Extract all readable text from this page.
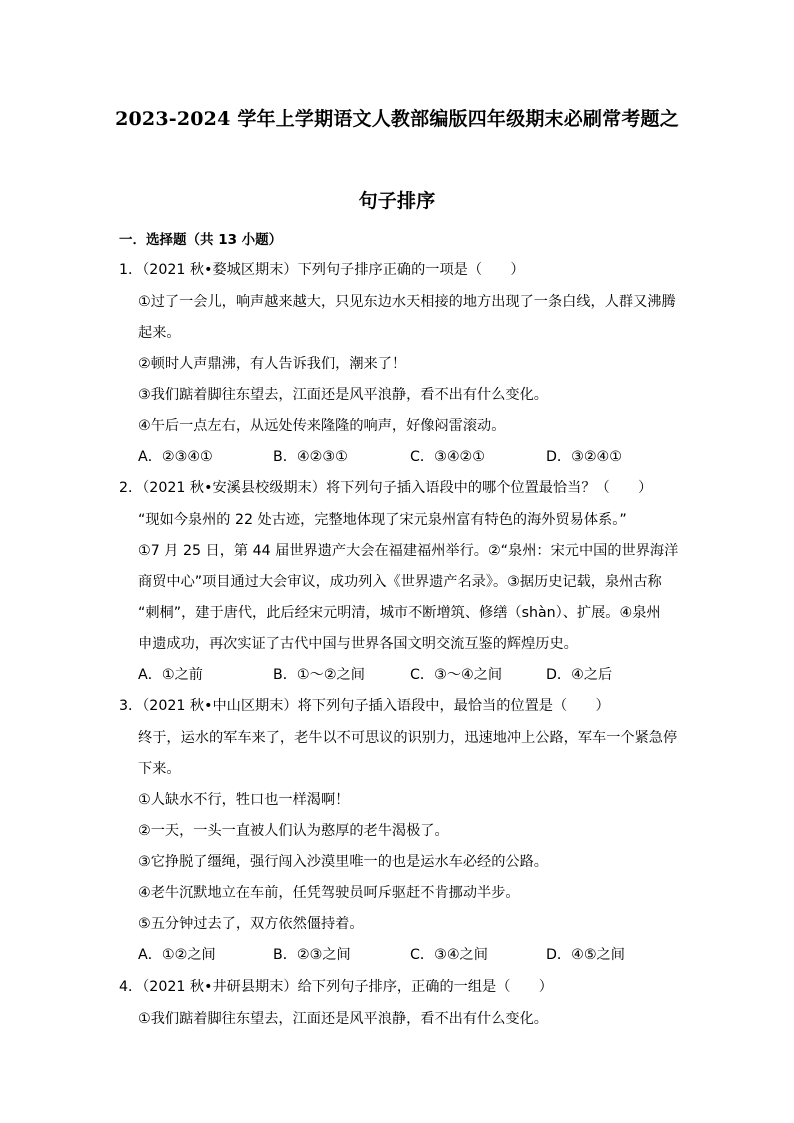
2023-2024 学年上学期语文人教部编版四年级期末必刷常考题之
句子排序
一．选择题（共 13 小题）
1．（2021 秋•婺城区期末）下列句子排序正确的一项是（　　）
①过了一会儿，响声越来越大，只见东边水天相接的地方出现了一条白线，人群又沸腾
起来。
②顿时人声鼎沸，有人告诉我们，潮来了！
③我们踮着脚往东望去，江面还是风平浪静，看不出有什么变化。
④午后一点左右，从远处传来隆隆的响声，好像闷雷滚动。
A．②③④①	B．④②③①	C．③④②①	D．③②④①
2．（2021 秋•安溪县校级期末）将下列句子插入语段中的哪个位置最恰当？（　　）
“现如今泉州的 22 处古迹，完整地体现了宋元泉州富有特色的海外贸易体系。”
①7 月 25 日，第 44 届世界遗产大会在福建福州举行。②“泉州：宋元中国的世界海洋
商贸中心”项目通过大会审议，成功列入《世界遗产名录》。③据历史记载，泉州古称
“刺桐”，建于唐代，此后经宋元明清，城市不断增筑、修缮（shàn）、扩展。④泉州
申遗成功，再次实证了古代中国与世界各国文明交流互鉴的辉煌历史。
A．①之前	B．①～②之间	C．③～④之间	D．④之后
3．（2021 秋•中山区期末）将下列句子插入语段中，最恰当的位置是（　　）
终于，运水的军车来了，老牛以不可思议的识别力，迅速地冲上公路，军车一个紧急停
下来。
①人缺水不行，牲口也一样渴啊！
②一天，一头一直被人们认为憨厚的老牛渴极了。
③它挣脱了缰绳，强行闯入沙漠里唯一的也是运水车必经的公路。
④老牛沉默地立在车前，任凭驾驶员呵斥驱赶不肯挪动半步。
⑤五分钟过去了，双方依然僵持着。
A．①②之间	B．②③之间	C．③④之间	D．④⑤之间
4．（2021 秋•井研县期末）给下列句子排序，正确的一组是（　　）
①我们踮着脚往东望去，江面还是风平浪静，看不出有什么变化。
